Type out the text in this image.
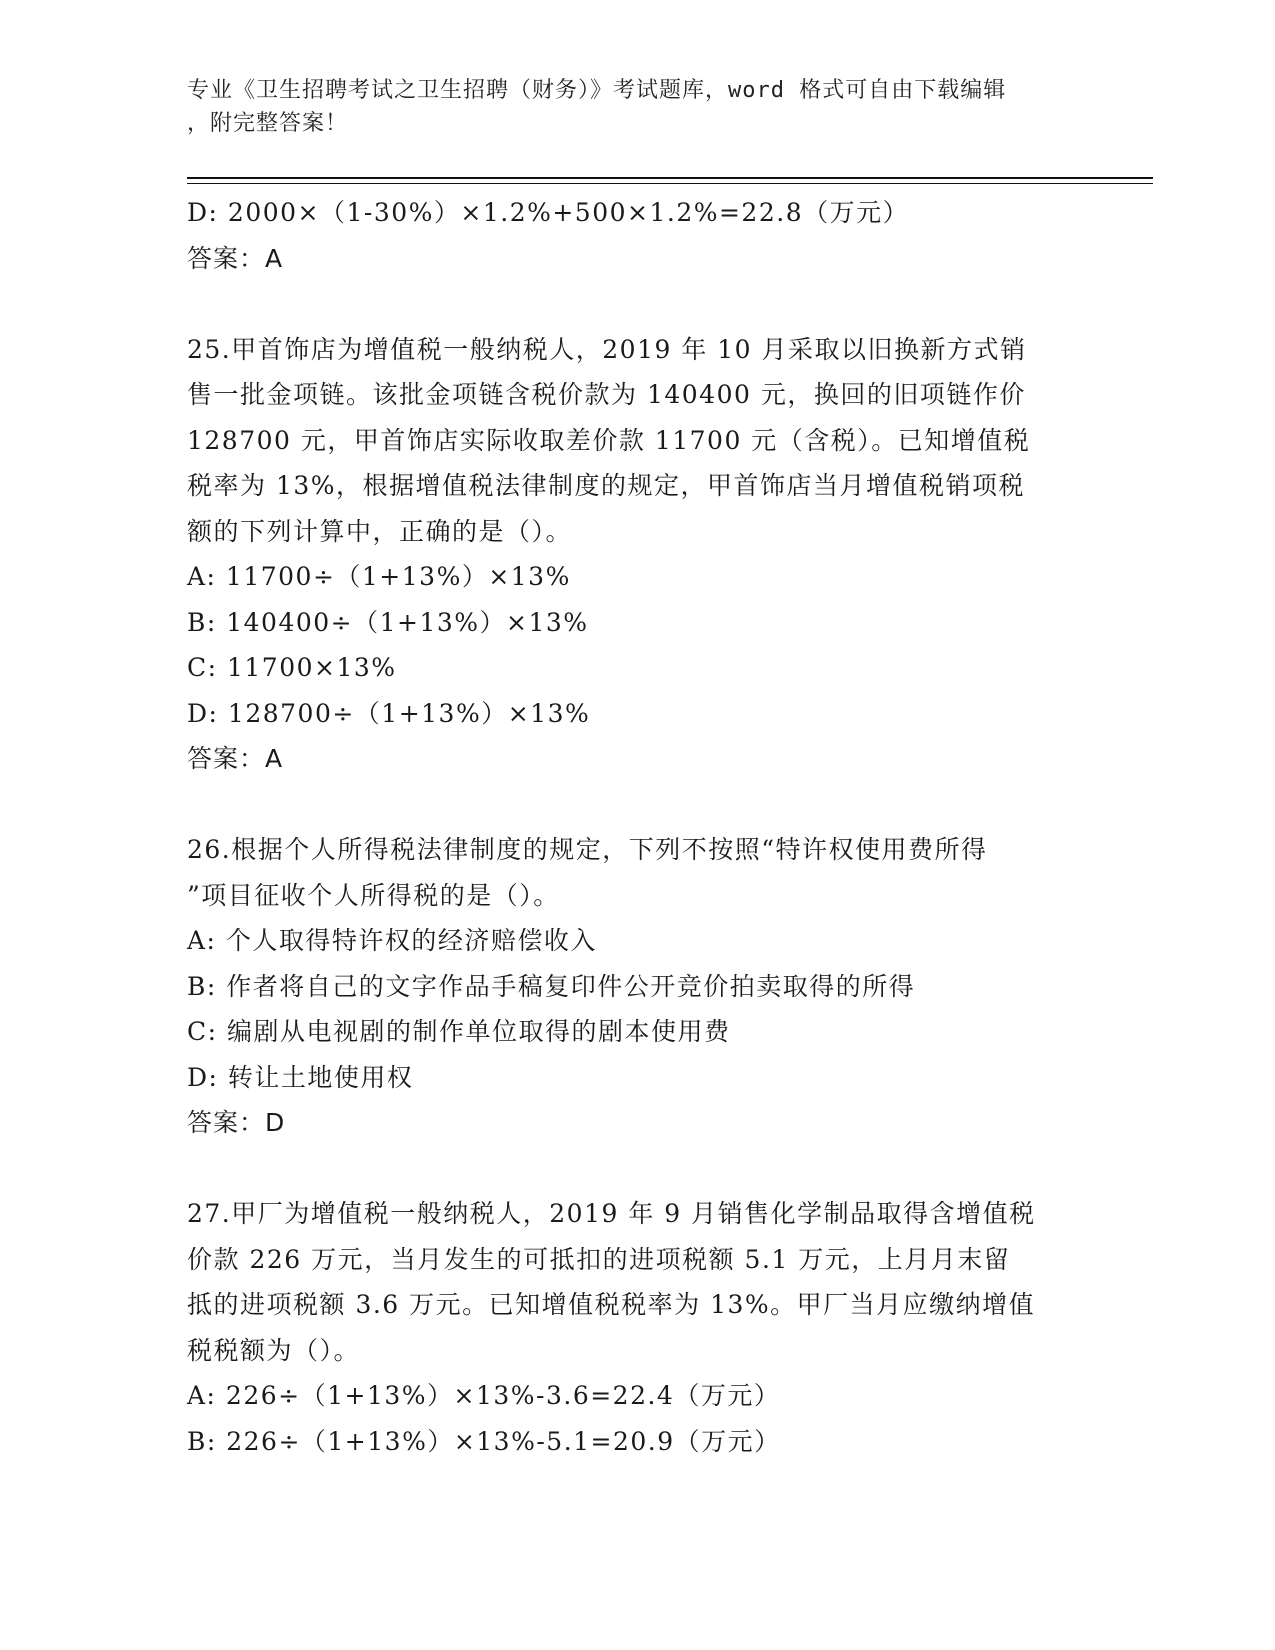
专业《卫生招聘考试之卫生招聘（财务）》考试题库，word 格式可自由下载编辑
，附完整答案！
D: 2000×（1-30%）×1.2%+500×1.2%=22.8（万元）
答案：A
25.甲首饰店为增值税一般纳税人，2019 年 10 月采取以旧换新方式销
售一批金项链。该批金项链含税价款为 140400 元，换回的旧项链作价
128700 元，甲首饰店实际收取差价款 11700 元（含税）。已知增值税
税率为 13%，根据增值税法律制度的规定，甲首饰店当月增值税销项税
额的下列计算中，正确的是（）。
A: 11700÷（1+13%）×13%
B: 140400÷（1+13%）×13%
C: 11700×13%
D: 128700÷（1+13%）×13%
答案：A
26.根据个人所得税法律制度的规定，下列不按照“特许权使用费所得
”项目征收个人所得税的是（）。
A: 个人取得特许权的经济赔偿收入
B: 作者将自己的文字作品手稿复印件公开竞价拍卖取得的所得
C: 编剧从电视剧的制作单位取得的剧本使用费
D: 转让土地使用权
答案：D
27.甲厂为增值税一般纳税人，2019 年 9 月销售化学制品取得含增值税
价款 226 万元，当月发生的可抵扣的进项税额 5.1 万元，上月月末留
抵的进项税额 3.6 万元。已知增值税税率为 13%。甲厂当月应缴纳增值
税税额为（）。
A: 226÷（1+13%）×13%-3.6=22.4（万元）
B: 226÷（1+13%）×13%-5.1=20.9（万元）
